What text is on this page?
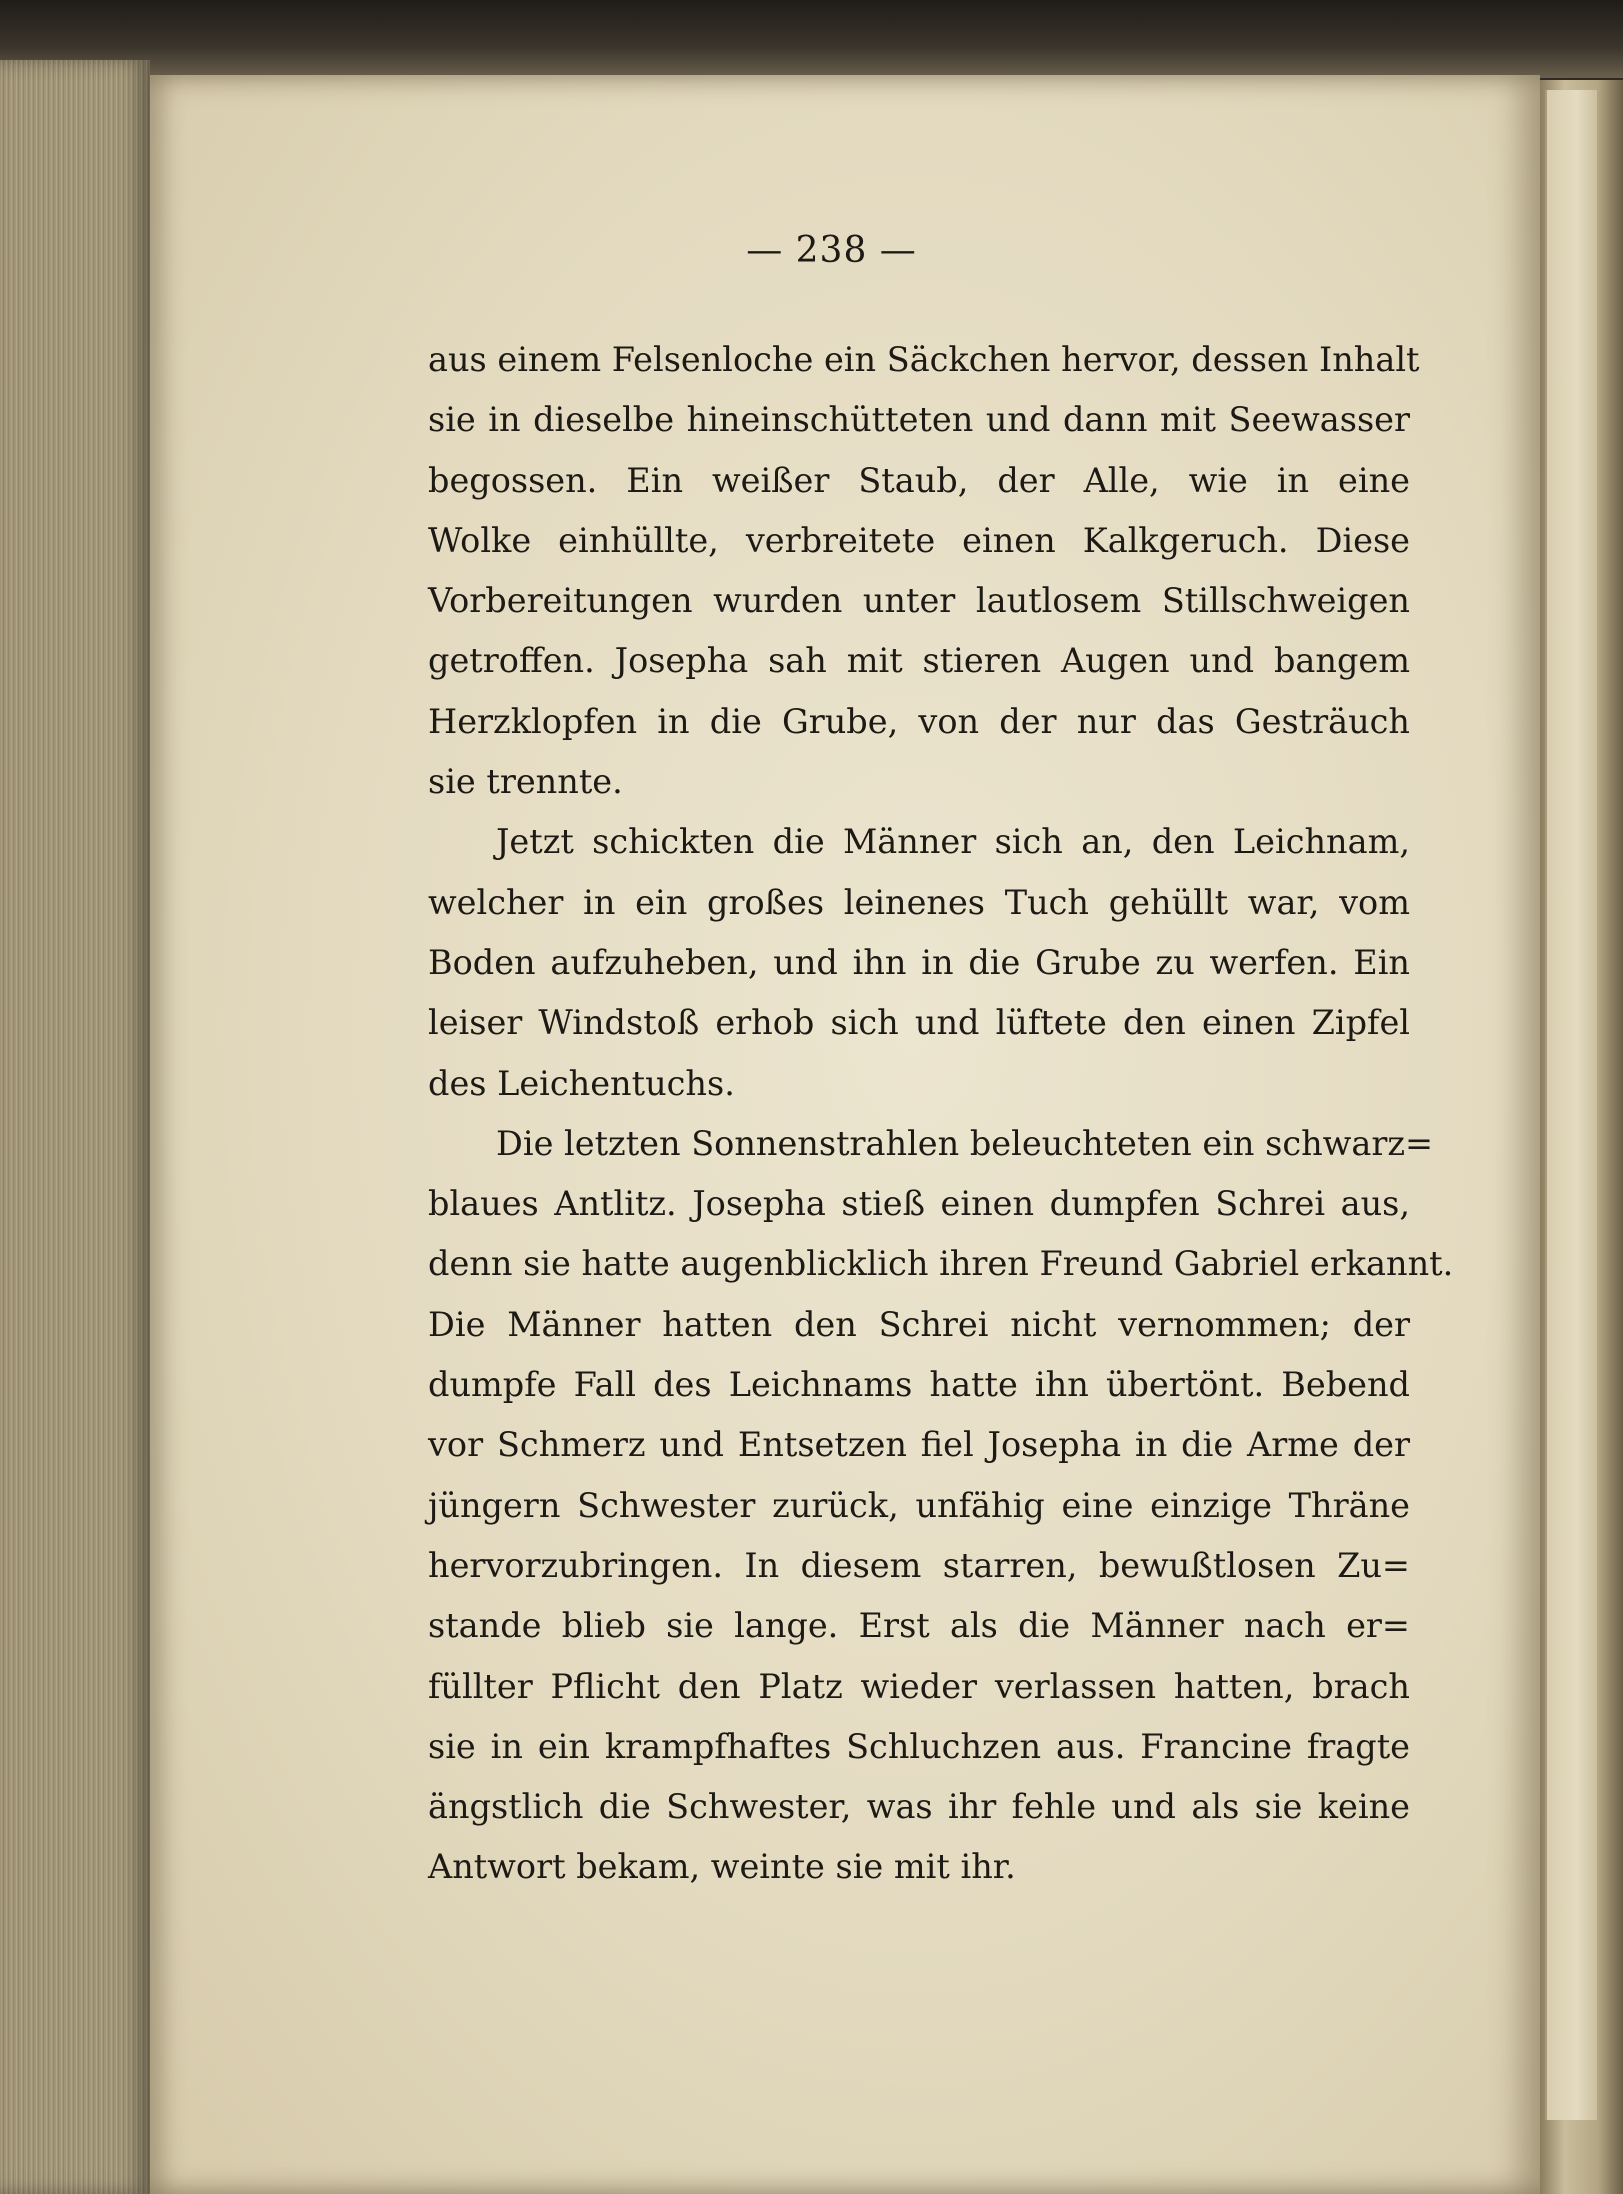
— 238 —
aus einem Felsenloche ein Säckchen hervor, dessen Inhalt
sie in dieselbe hineinschütteten und dann mit Seewasser
begossen. Ein weißer Staub, der Alle, wie in eine
Wolke einhüllte, verbreitete einen Kalkgeruch. Diese
Vorbereitungen wurden unter lautlosem Stillschweigen
getroffen. Josepha sah mit stieren Augen und bangem
Herzklopfen in die Grube, von der nur das Gesträuch
sie trennte.
Jetzt schickten die Männer sich an, den Leichnam,
welcher in ein großes leinenes Tuch gehüllt war, vom
Boden aufzuheben, und ihn in die Grube zu werfen. Ein
leiser Windstoß erhob sich und lüftete den einen Zipfel
des Leichentuchs.
Die letzten Sonnenstrahlen beleuchteten ein schwarz=
blaues Antlitz. Josepha stieß einen dumpfen Schrei aus,
denn sie hatte augenblicklich ihren Freund Gabriel erkannt.
Die Männer hatten den Schrei nicht vernommen; der
dumpfe Fall des Leichnams hatte ihn übertönt. Bebend
vor Schmerz und Entsetzen fiel Josepha in die Arme der
jüngern Schwester zurück, unfähig eine einzige Thräne
hervorzubringen. In diesem starren, bewußtlosen Zu=
stande blieb sie lange. Erst als die Männer nach er=
füllter Pflicht den Platz wieder verlassen hatten, brach
sie in ein krampfhaftes Schluchzen aus. Francine fragte
ängstlich die Schwester, was ihr fehle und als sie keine
Antwort bekam, weinte sie mit ihr.
